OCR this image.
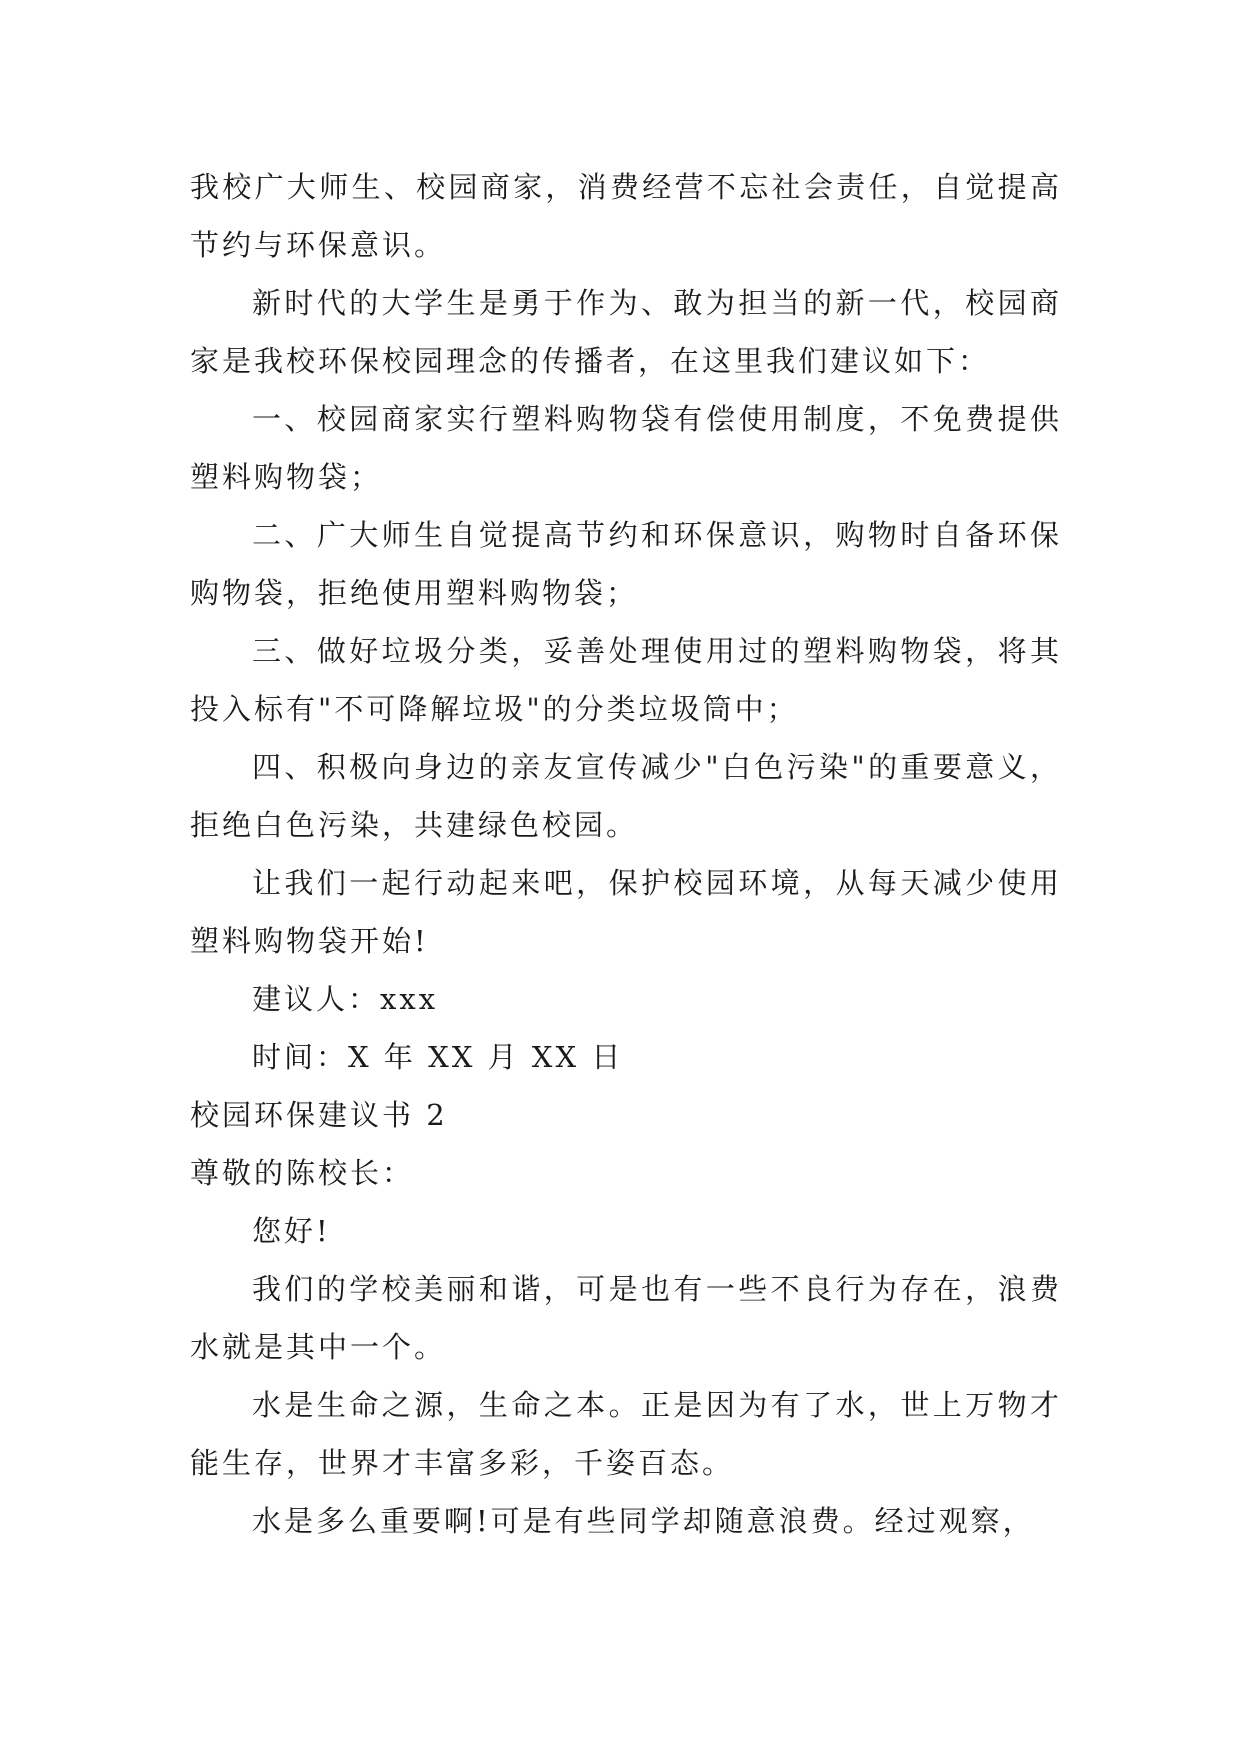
我校广大师生、校园商家，消费经营不忘社会责任，自觉提高节约与环保意识。

新时代的大学生是勇于作为、敢为担当的新一代，校园商家是我校环保校园理念的传播者，在这里我们建议如下：

一、校园商家实行塑料购物袋有偿使用制度，不免费提供塑料购物袋；

二、广大师生自觉提高节约和环保意识，购物时自备环保购物袋，拒绝使用塑料购物袋；

三、做好垃圾分类，妥善处理使用过的塑料购物袋，将其投入标有"不可降解垃圾"的分类垃圾筒中；

四、积极向身边的亲友宣传减少"白色污染"的重要意义，拒绝白色污染，共建绿色校园。

让我们一起行动起来吧，保护校园环境，从每天减少使用塑料购物袋开始!

建议人：xxx

时间：X 年 XX 月 XX 日

校园环保建议书 2

尊敬的陈校长：

您好!

我们的学校美丽和谐，可是也有一些不良行为存在，浪费水就是其中一个。

水是生命之源，生命之本。正是因为有了水，世上万物才能生存，世界才丰富多彩，千姿百态。

水是多么重要啊!可是有些同学却随意浪费。经过观察，
